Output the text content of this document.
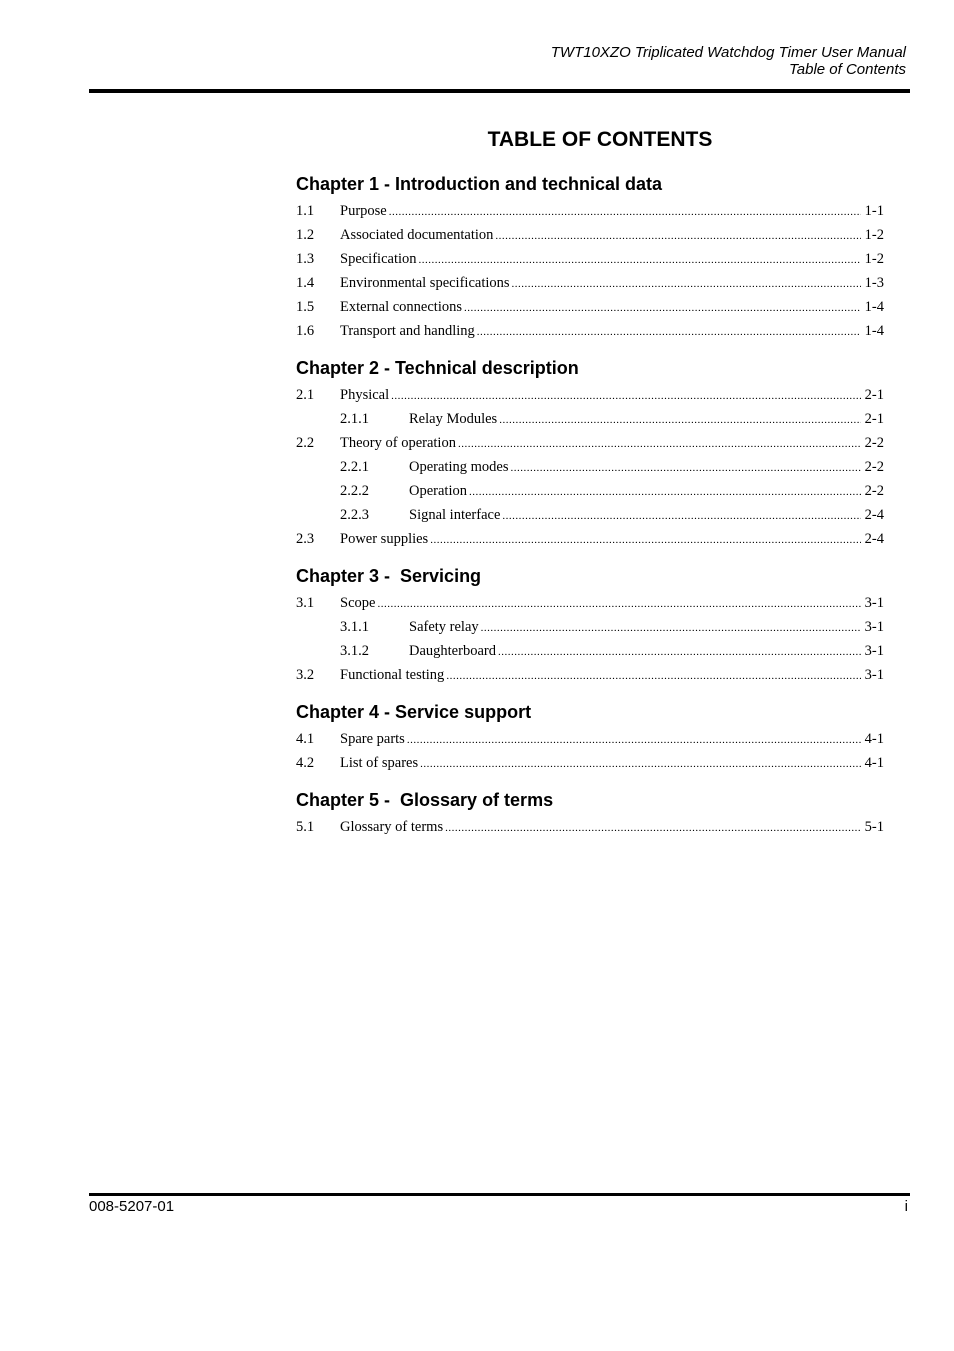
TWT10XZO Triplicated Watchdog Timer User Manual
Table of Contents
TABLE OF CONTENTS
Chapter 1 - Introduction and technical data
1.1	Purpose .....	1-1
1.2	Associated documentation .....	1-2
1.3	Specification .....	1-2
1.4	Environmental specifications .....	1-3
1.5	External connections .....	1-4
1.6	Transport and handling .....	1-4
Chapter 2 - Technical description
2.1	Physical .....	2-1
2.1.1	Relay Modules .....	2-1
2.2	Theory of operation .....	2-2
2.2.1	Operating modes .....	2-2
2.2.2	Operation .....	2-2
2.2.3	Signal interface .....	2-4
2.3	Power supplies .....	2-4
Chapter 3 -  Servicing
3.1	Scope .....	3-1
3.1.1	Safety relay .....	3-1
3.1.2	Daughterboard .....	3-1
3.2	Functional testing .....	3-1
Chapter 4 - Service support
4.1	Spare parts .....	4-1
4.2	List of spares .....	4-1
Chapter 5 -  Glossary of terms
5.1	Glossary of terms .....	5-1
008-5207-01	i
